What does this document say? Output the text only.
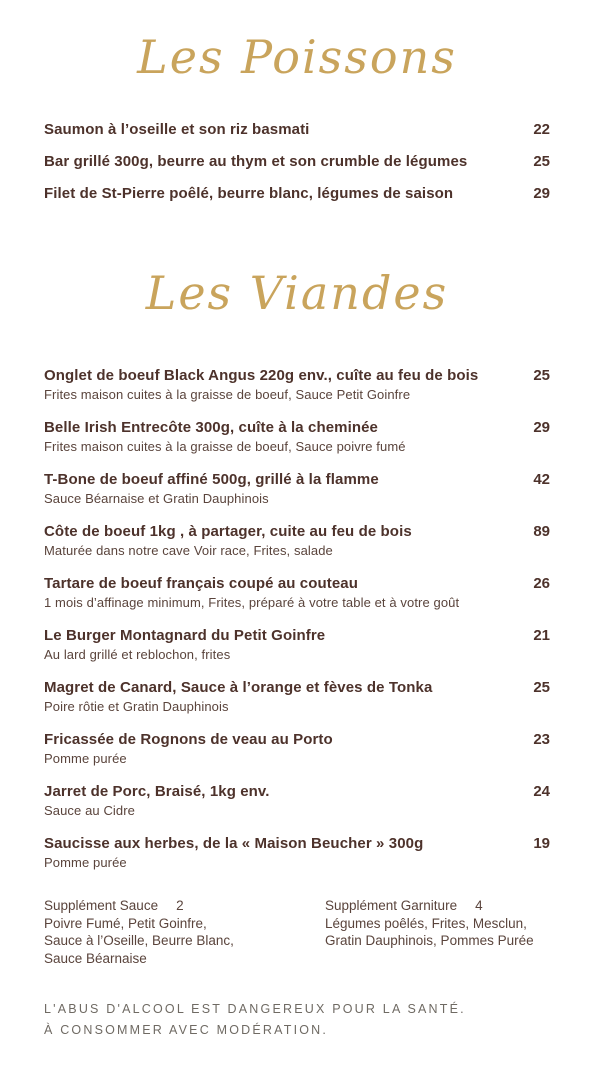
Les Poissons
Saumon à l’oseille et son riz basmati	22
Bar grillé 300g, beurre au thym et son crumble de légumes	25
Filet de St-Pierre poêlé, beurre blanc, légumes de saison	29
Les Viandes
Onglet de boeuf Black Angus 220g env., cuîte au feu de bois	25
Frites maison cuites à la graisse de boeuf, Sauce Petit Goinfre
Belle Irish Entrecôte 300g, cuîte à la cheminée	29
Frites maison cuites à la graisse de boeuf, Sauce poivre fumé
T-Bone de boeuf affiné 500g, grillé à la flamme	42
Sauce Béarnaise et Gratin Dauphinois
Côte de boeuf 1kg , à partager, cuite au feu de bois	89
Maturée dans notre cave Voir race, Frites, salade
Tartare de boeuf français coupé au couteau	26
1 mois d’affinage minimum, Frites, préparé à votre table et à votre goût
Le Burger Montagnard du Petit Goinfre	21
Au lard grillé et reblochon, frites
Magret de Canard, Sauce à l’orange et fèves de Tonka	25
Poire rôtie et Gratin Dauphinois
Fricassée de Rognons de veau au Porto	23
Pomme purée
Jarret de Porc, Braisé, 1kg env.	24
Sauce au Cidre
Saucisse aux herbes, de la « Maison Beucher » 300g	19
Pomme purée
Supplément Sauce 2
Poivre Fumé, Petit Goinfre,
Sauce à l’Oseille, Beurre Blanc,
Sauce Béarnaise
Supplément Garniture 4
Légumes poêlés, Frites, Mesclun,
Gratin Dauphinois, Pommes Purée
L'ABUS D'ALCOOL EST DANGEREUX POUR LA SANTÉ.
À CONSOMMER AVEC MODÉRATION.
